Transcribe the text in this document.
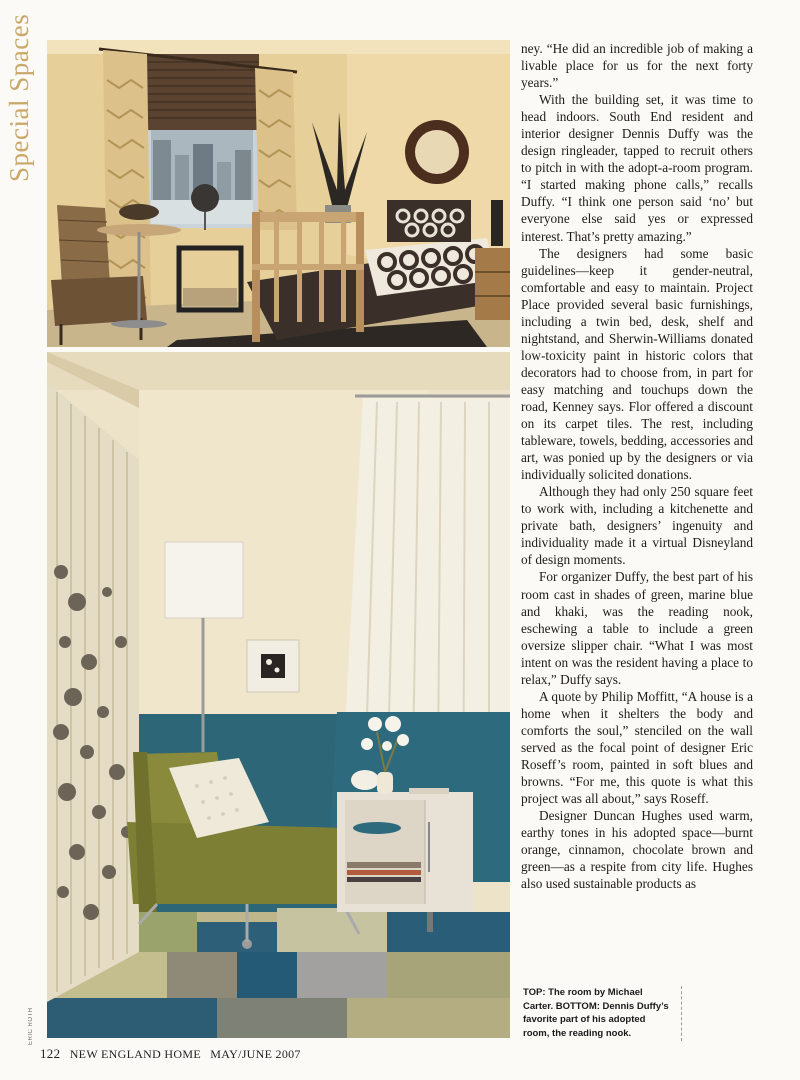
Special Spaces
ERIC ROTH

ney. “He did an incredible job of making a livable place for us for the next forty years.”

With the building set, it was time to head indoors. South End resident and interior designer Dennis Duffy was the design ringleader, tapped to recruit others to pitch in with the adopt-a-room program. “I started making phone calls,” recalls Duffy. “I think one person said ‘no’ but everyone else said yes or expressed interest. That’s pretty amazing.”

The designers had some basic guidelines—keep it gender-neutral, comfortable and easy to maintain. Project Place provided several basic furnishings, including a twin bed, desk, shelf and nightstand, and Sherwin-Williams donated low-toxicity paint in historic colors that decorators had to choose from, in part for easy matching and touchups down the road, Kenney says. Flor offered a discount on its carpet tiles. The rest, including tableware, towels, bedding, accessories and art, was ponied up by the designers or via individually solicited donations.

Although they had only 250 square feet to work with, including a kitchenette and private bath, designers’ ingenuity and individuality made it a virtual Disneyland of design moments.

For organizer Duffy, the best part of his room cast in shades of green, marine blue and khaki, was the reading nook, eschewing a table to include a green oversize slipper chair. “What I was most intent on was the resident having a place to relax,” Duffy says.

A quote by Philip Moffitt, “A house is a home when it shelters the body and comforts the soul,” stenciled on the wall served as the focal point of designer Eric Roseff’s room, painted in soft blues and browns. “For me, this quote is what this project was all about,” says Roseff.

Designer Duncan Hughes used warm, earthy tones in his adopted space—burnt orange, cinnamon, chocolate brown and green—as a respite from city life. Hughes also used sustainable products as

TOP: The room by Michael Carter. BOTTOM: Dennis Duffy’s favorite part of his adopted room, the reading nook.
122 NEW ENGLAND HOME MAY/JUNE 2007
